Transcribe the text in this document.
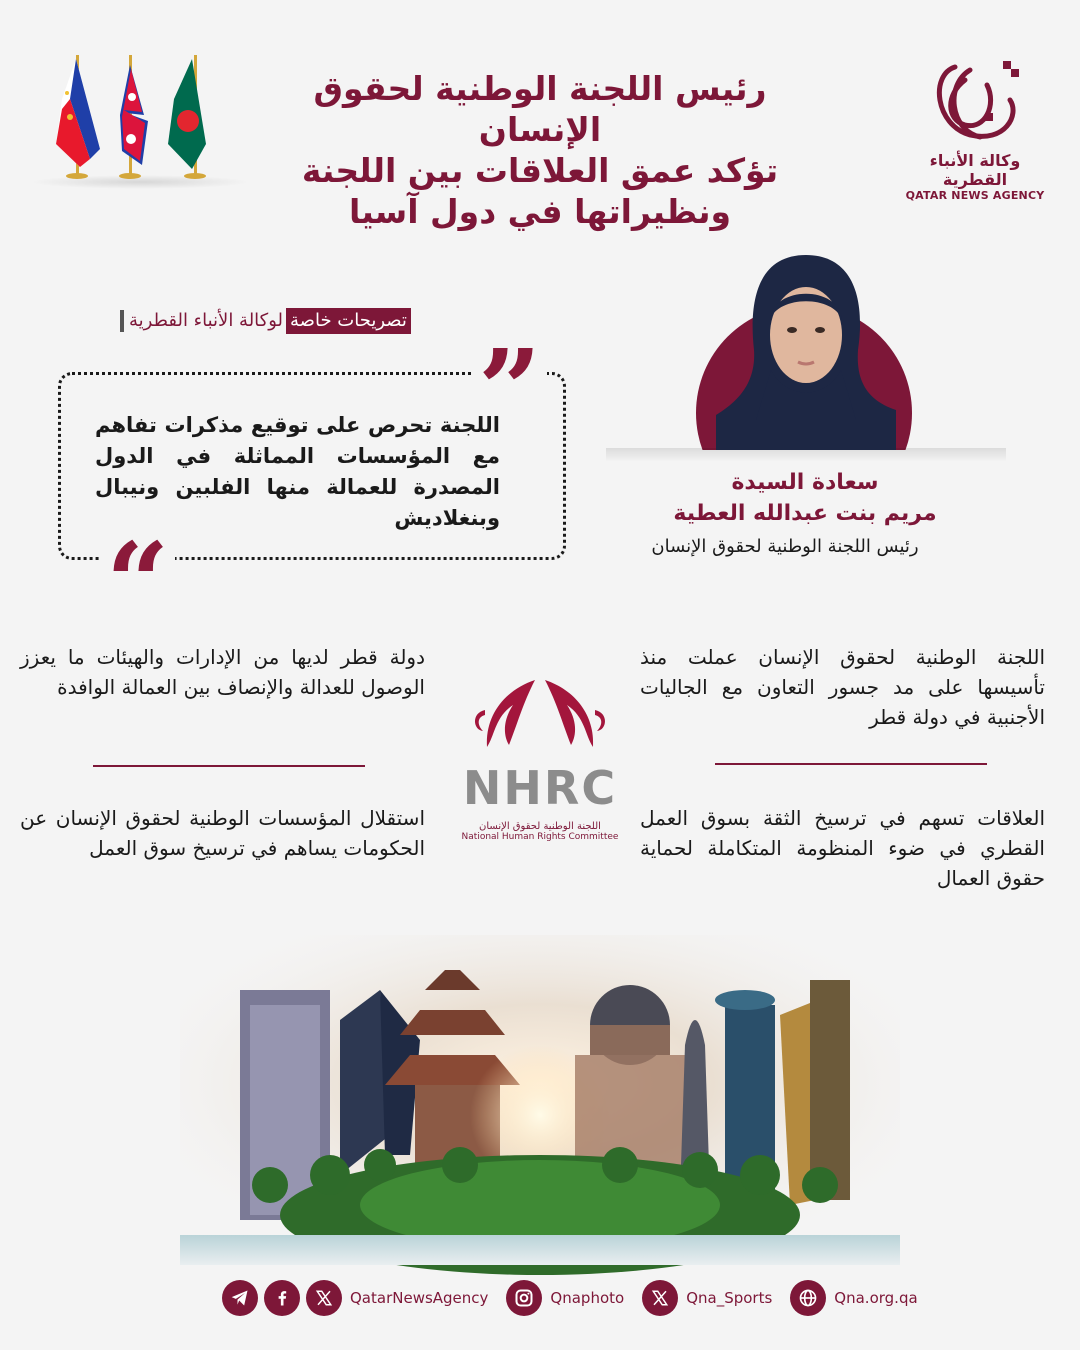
رئيس اللجنة الوطنية لحقوق الإنسان
تؤكد عمق العلاقات بين اللجنة
ونظيراتها في دول آسيا
وكالة الأنباء القطرية
QATAR NEWS AGENCY
تصريحات خاصة
لوكالة الأنباء القطرية
”
“
اللجنة تحرص على توقيع مذكرات تفاهم مع المؤسسات المماثلة في الدول المصدرة للعمالة منها الفلبين ونيبال وبنغلاديش
سعادة السيدة
مريم بنت عبدالله العطية
رئيس اللجنة الوطنية لحقوق الإنسان
اللجنة الوطنية لحقوق الإنسان عملت منذ تأسيسها على مد جسور التعاون مع الجاليات الأجنبية في دولة قطر
دولة قطر لديها من الإدارات والهيئات ما يعزز الوصول للعدالة والإنصاف بين العمالة الوافدة
العلاقات تسهم في ترسيخ الثقة بسوق العمل القطري في ضوء المنظومة المتكاملة لحماية حقوق العمال
استقلال المؤسسات الوطنية لحقوق الإنسان عن الحكومات يساهم في ترسيخ سوق العمل
NHRC
اللجنة الوطنية لحقوق الإنسان
National Human Rights Committee
QatarNewsAgency	Qnaphoto	Qna_Sports	Qna.org.qa
